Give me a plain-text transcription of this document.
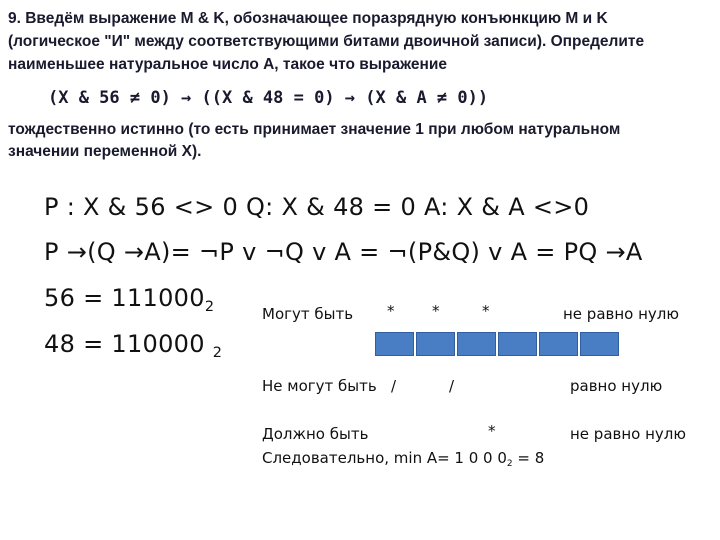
9. Введём выражение M & K, обозначающее поразрядную конъюнкцию M и K
(логическое "И" между соответствующими битами двоичной записи). Определите
наименьшее натуральное число А, такое что выражение
(X & 56 ≠ 0) → ((X & 48 = 0) → (X & A ≠ 0))
тождественно истинно (то есть принимает значение 1 при любом натуральном
значении переменной X).
P : X & 56 <> 0 Q: X & 48 = 0 A: X & A <>0
P →(Q →A)= ¬P v ¬Q v A = ¬(P&Q) v A = PQ →A
$56 = 111000_2$
48 = 110000 $_2$
Могут быть *	*	*	не равно нулю
Не могут быть /	/	равно нулю
Должно быть	*	не равно нулю
Следовательно, min A= 1 0 0 $0_2 = 8$
